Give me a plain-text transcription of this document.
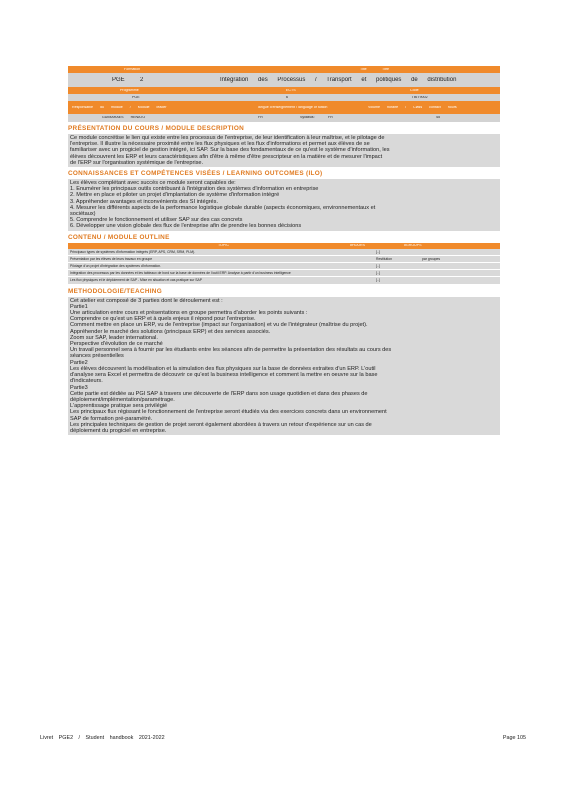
Formation	Title	Titre
PGE	2	Intégration des Processus / Transport et politiques de distribution
Programme	ECTS	Code
PGE	6	I BIT9002
Responsable du module / Module leader	langue d'enseignement / language of tuition	Volume horaire / Class contact hours
GUIMARAES RENATO	FR	Syllabus:	FR	45
PRÉSENTATION DU COURS / MODULE DESCRIPTION
Ce module concrétise le lien qui existe entre les processus de l'entreprise, de leur identification à leur maîtrise, et le pilotage de
l'entreprise. Il illustre la nécessaire proximité entre les flux physiques et les flux d'informations et permet aux élèves de se
familiariser avec un progiciel de gestion intégré, ici SAP. Sur la base des fondamentaux de ce qu'est le système d'information, les
élèves découvrent les ERP et leurs caractéristiques afin d'être à même d'être prescripteur en la matière et de mesurer l'impact
de l'ERP sur l'organisation systémique de l'entreprise.
CONNAISSANCES ET COMPÉTENCES VISÉES / LEARNING OUTCOMES (ILO)
Les élèves complétant avec succès ce module seront capables de:
1. Énumérer les principaux outils contribuant à l'intégration des systèmes d'information en entreprise
2. Mettre en place et piloter un projet d'implantation de système d'information intégré
3. Appréhender avantages et inconvénients des SI intégrés.
4. Mesurer les différents aspects de la performance logistique globale durable (aspects économiques, environnementaux et
sociétaux)
5. Comprendre le fonctionnement et utiliser SAP sur des cas concrets
6. Développer une vision globale des flux de l'entreprise afin de prendre les bonnes décisions
CONTENU / MODULE OUTLINE
TOPIC	#HOURS	#GROUPS
Principaux types de systèmes d'information intégrés (ERP, APS, CRM, SRM, PLM).	[..]
Présentation par les élèves de leurs travaux en groupe	Restitution	par groupes
Pilotage d'un projet d'intégration des systèmes d'information.	[..]
Intégration des processus par les données et les tableaux de bord sur la base de données de l'outil ERP. Analyse à partir d'un business intelligence	[..]
Les flux physiques et le déploiement de SAP - Mise en situation et cas pratique sur SAP	[..]
METHODOLOGIE/TEACHING
Cet atelier est composé de 3 parties dont le déroulement est :
Partie1
Une articulation entre cours et présentations en groupe permettra d'aborder les points suivants :
Comprendre ce qu'est un ERP et à quels enjeux il répond pour l'entreprise.
Comment mettre en place un ERP, vu de l'entreprise (impact sur l'organisation) et vu de l'intégrateur (maîtrise du projet).
Appréhender le marché des solutions (principaux ERP) et des services associés.
Zoom sur SAP, leader international.
Perspective d'évolution de ce marché
Un travail personnel sera à fournir par les étudiants entre les séances afin de permettre la présentation des résultats au cours des
séances présentielles
Partie2
Les élèves découvrent la modélisation et la simulation des flux physiques sur la base de données extraites d'un ERP. L'outil
d'analyse sera Excel et permettra de découvrir ce qu'est la business intelligence et comment la mettre en oeuvre sur la base
d'indicateurs.
Partie3
Cette partie est dédiée au PGI SAP à travers une découverte de l'ERP dans son usage quotidien et dans des phases de
déploiement/implémentation/paramétrage.
L'apprentissage pratique sera privilégié
Les principaux flux régissant le fonctionnement de l'entreprise seront étudiés via des exercices concrets dans un environnement
SAP de formation pré-paramétré.
Les principales techniques de gestion de projet seront également abordées à travers un retour d'expérience sur un cas de
déploiement du progiciel en entreprise.
Livret PGE2 / Student handbook 2021-2022	Page 105
